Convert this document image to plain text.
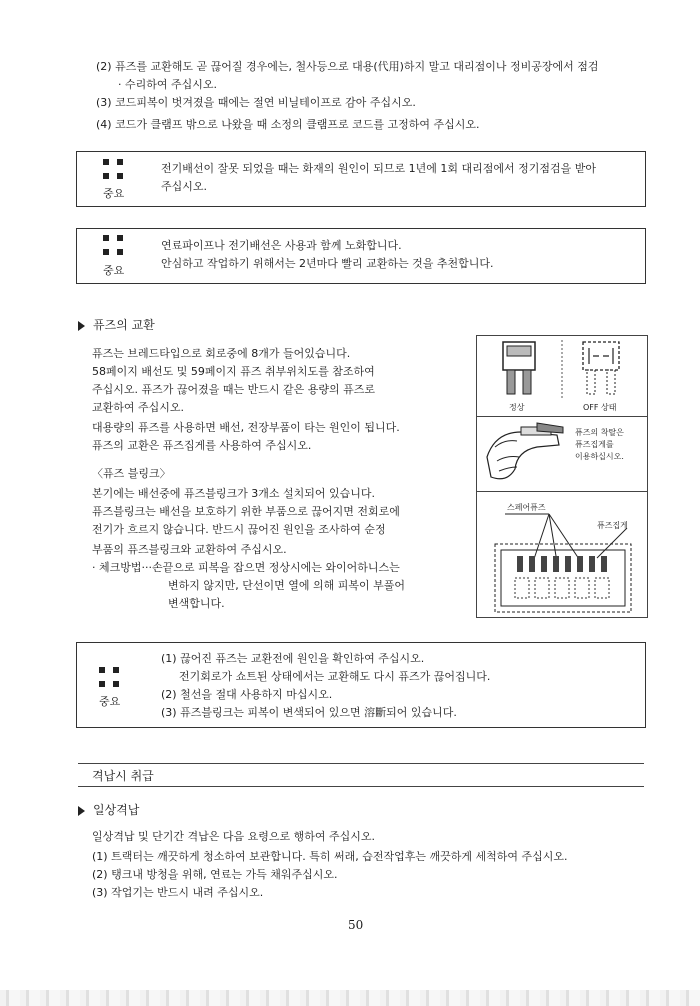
(2) 퓨즈를 교환해도 곧 끊어질 경우에는, 철사등으로 대용(代用)하지 말고 대리점이나 정비공장에서 점검
· 수리하여 주십시오.
(3) 코드피복이 벗겨졌을 때에는 절연 비닐테이프로 감아 주십시오.
(4) 코드가 클램프 밖으로 나왔을 때 소정의 클램프로 코드를 고정하여 주십시오.
중요
전기배선이 잘못 되었을 때는 화재의 원인이 되므로 1년에 1회 대리점에서 정기점검을 받아
주십시오.
중요
연료파이프나 전기배선은 사용과 함께 노화합니다.
안심하고 작업하기 위해서는 2년마다 빨리 교환하는 것을 추천합니다.
퓨즈의 교환
퓨즈는 브레드타입으로 회로중에 8개가 들어있습니다.
58페이지 배선도 및 59페이지 퓨즈 취부위치도를 참조하여
주십시오. 퓨즈가 끊어졌을 때는 반드시 같은 용량의 퓨즈로
교환하여 주십시오.
대용량의 퓨즈를 사용하면 배선, 전장부품이 타는 원인이 됩니다.
퓨즈의 교환은 퓨즈집게를 사용하여 주십시오.
〈퓨즈 블링크〉
본기에는 배선중에 퓨즈블링크가 3개소 설치되어 있습니다.
퓨즈블링크는 배선을 보호하기 위한 부품으로 끊어지면 전회로에
전기가 흐르지 않습니다. 반드시 끊어진 원인을 조사하여 순정
부품의 퓨즈블링크와 교환하여 주십시오.
· 체크방법···손끝으로 피복을 잡으면 정상시에는 와이어하니스는
변하지 않지만, 단선이면 열에 의해 피복이 부풀어
변색합니다.
정상	OFF 상태
퓨즈의 착탈은
퓨즈집게를
이용하십시오.
스페어퓨즈
퓨즈집게
중요
(1) 끊어진 퓨즈는 교환전에 원인을 확인하여 주십시오.
전기회로가 쇼트된 상태에서는 교환해도 다시 퓨즈가 끊어집니다.
(2) 철선을 절대 사용하지 마십시오.
(3) 퓨즈블링크는 피복이 변색되어 있으면 溶斷되어 있습니다.
격납시 취급
일상격납
일상격납 및 단기간 격납은 다음 요령으로 행하여 주십시오.
(1) 트랙터는 깨끗하게 청소하여 보관합니다. 특히 써래, 습전작업후는 깨끗하게 세척하여 주십시오.
(2) 탱크내 방청을 위해, 연료는 가득 채워주십시오.
(3) 작업기는 반드시 내려 주십시오.
50
